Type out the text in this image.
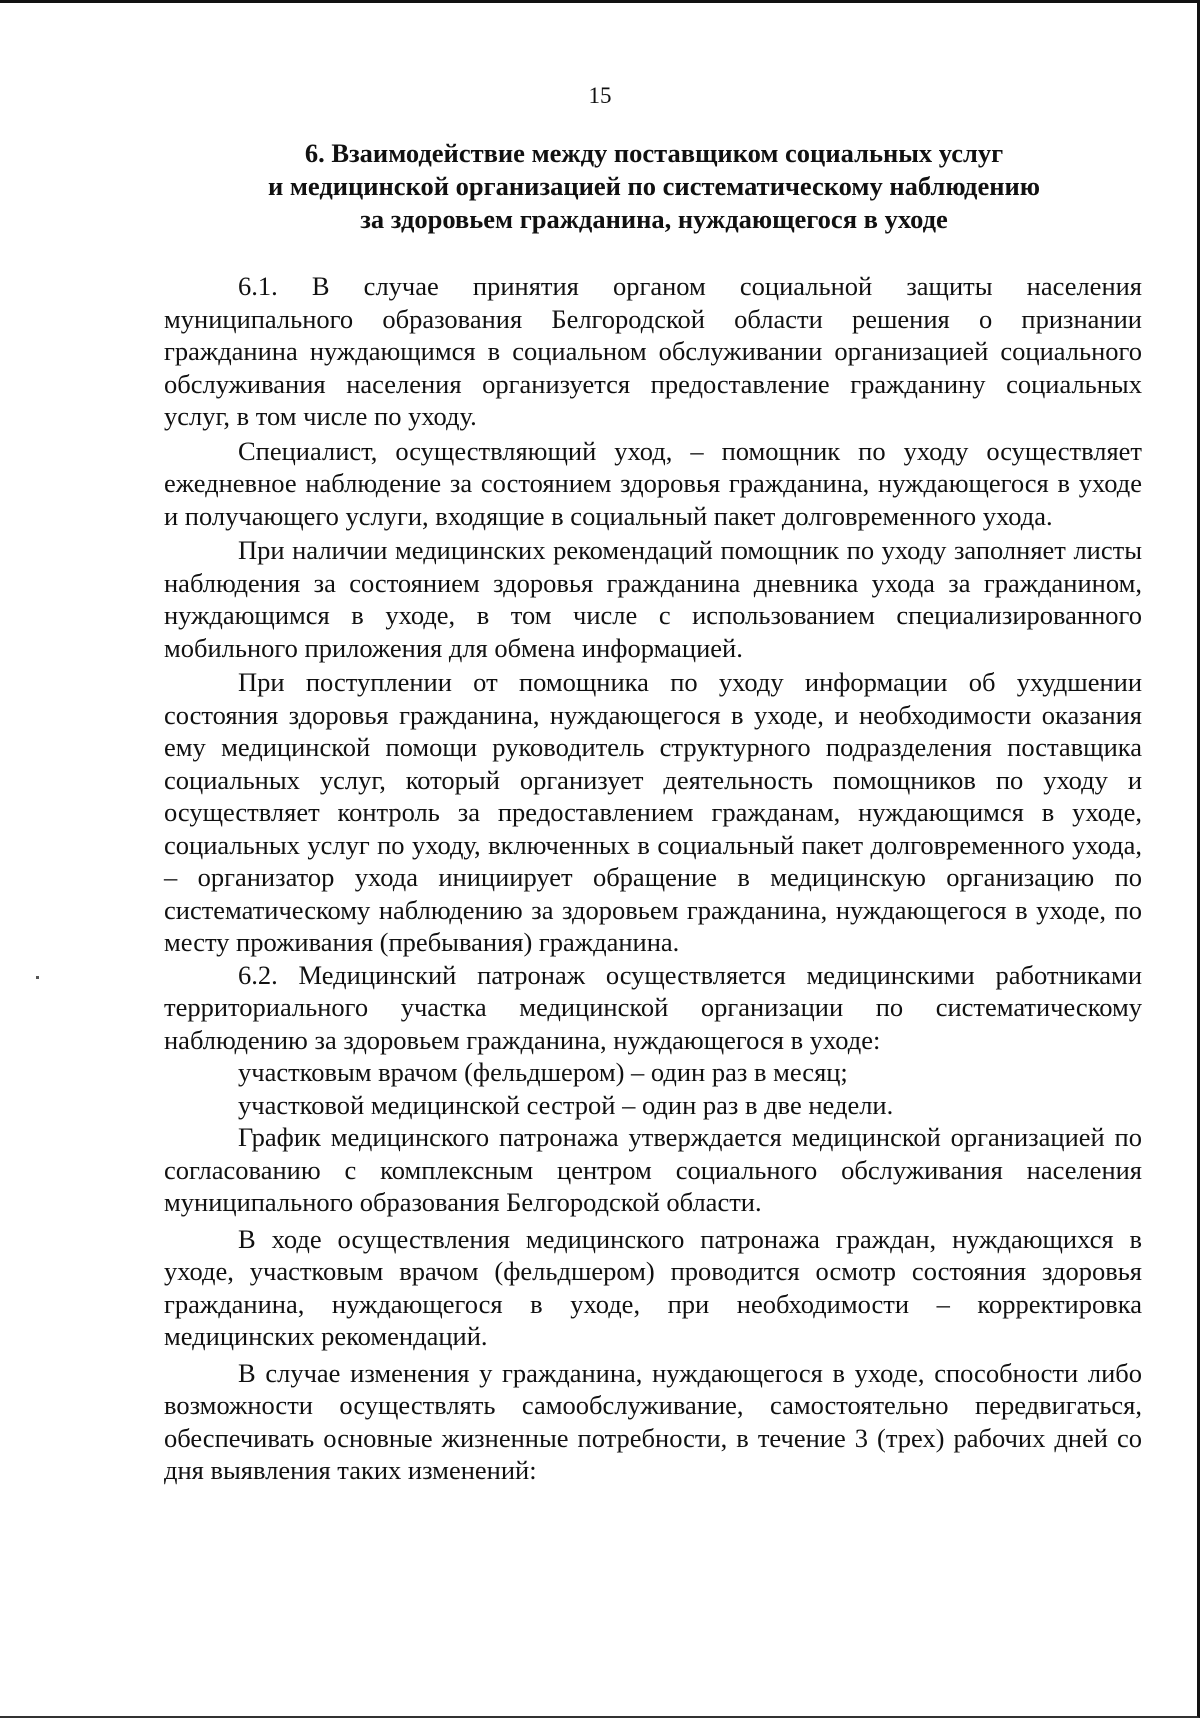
15
6. Взаимодействие между поставщиком социальных услуг
и медицинской организацией по систематическому наблюдению
за здоровьем гражданина, нуждающегося в уходе

6.1. В случае принятия органом социальной защиты населения муниципального образования Белгородской области решения о признании гражданина нуждающимся в социальном обслуживании организацией социального обслуживания населения организуется предоставление гражданину социальных услуг, в том числе по уходу.

Специалист, осуществляющий уход, – помощник по уходу осуществляет ежедневное наблюдение за состоянием здоровья гражданина, нуждающегося в уходе и получающего услуги, входящие в социальный пакет долговременного ухода.

При наличии медицинских рекомендаций помощник по уходу заполняет листы наблюдения за состоянием здоровья гражданина дневника ухода за гражданином, нуждающимся в уходе, в том числе с использованием специализированного мобильного приложения для обмена информацией.

При поступлении от помощника по уходу информации об ухудшении состояния здоровья гражданина, нуждающегося в уходе, и необходимости оказания ему медицинской помощи руководитель структурного подразделения поставщика социальных услуг, который организует деятельность помощников по уходу и осуществляет контроль за предоставлением гражданам, нуждающимся в уходе, социальных услуг по уходу, включенных в социальный пакет долговременного ухода, – организатор ухода инициирует обращение в медицинскую организацию по систематическому наблюдению за здоровьем гражданина, нуждающегося в уходе, по месту проживания (пребывания) гражданина.

6.2. Медицинский патронаж осуществляется медицинскими работниками территориального участка медицинской организации по систематическому наблюдению за здоровьем гражданина, нуждающегося в уходе:

участковым врачом (фельдшером) – один раз в месяц;

участковой медицинской сестрой – один раз в две недели.

График медицинского патронажа утверждается медицинской организацией по согласованию с комплексным центром социального обслуживания населения муниципального образования Белгородской области.

В ходе осуществления медицинского патронажа граждан, нуждающихся в уходе, участковым врачом (фельдшером) проводится осмотр состояния здоровья гражданина, нуждающегося в уходе, при необходимости – корректировка медицинских рекомендаций.

В случае изменения у гражданина, нуждающегося в уходе, способности либо возможности осуществлять самообслуживание, самостоятельно передвигаться, обеспечивать основные жизненные потребности, в течение 3 (трех) рабочих дней со дня выявления таких изменений:
